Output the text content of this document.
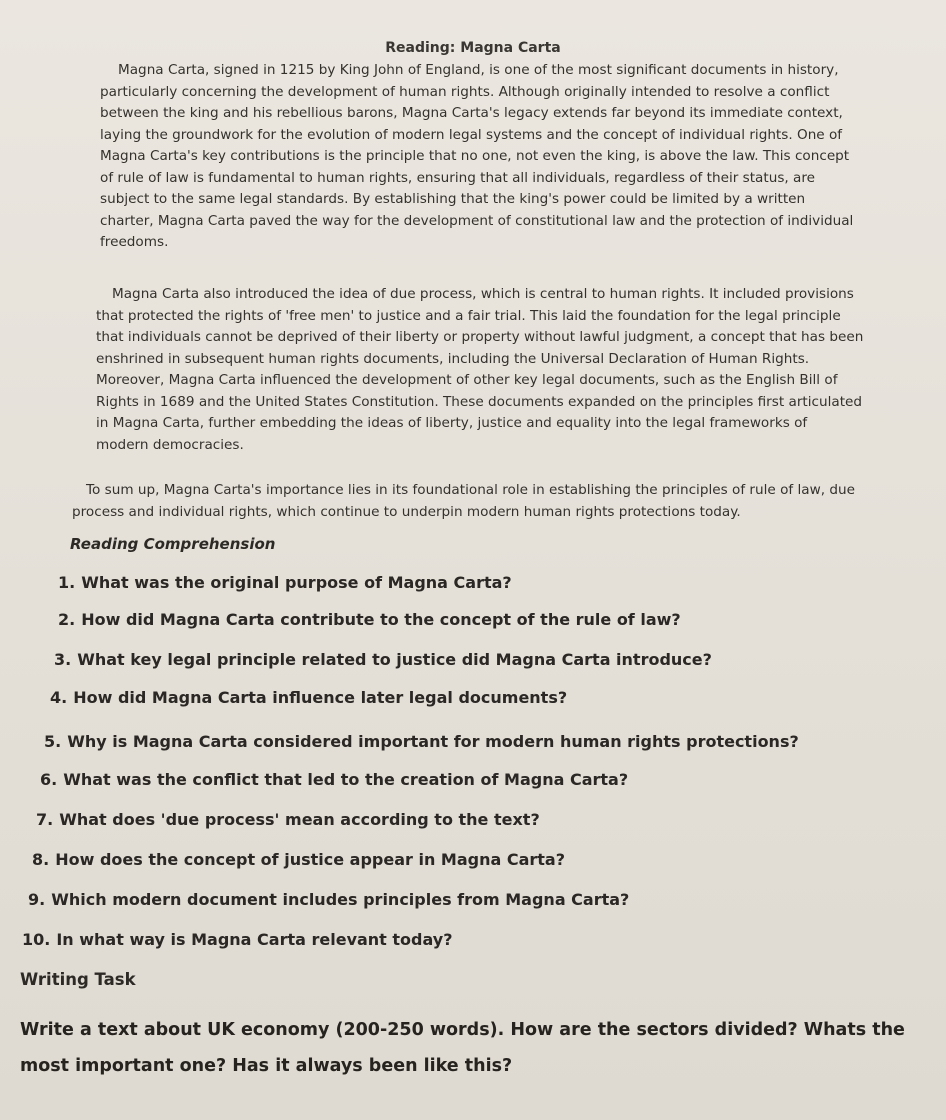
Reading: Magna Carta

Magna Carta, signed in 1215 by King John of England, is one of the most significant documents in history, particularly concerning the development of human rights. Although originally intended to resolve a conflict between the king and his rebellious barons, Magna Carta's legacy extends far beyond its immediate context, laying the groundwork for the evolution of modern legal systems and the concept of individual rights. One of Magna Carta's key contributions is the principle that no one, not even the king, is above the law. This concept of rule of law is fundamental to human rights, ensuring that all individuals, regardless of their status, are subject to the same legal standards. By establishing that the king's power could be limited by a written charter, Magna Carta paved the way for the development of constitutional law and the protection of individual freedoms.

Magna Carta also introduced the idea of due process, which is central to human rights. It included provisions that protected the rights of 'free men' to justice and a fair trial. This laid the foundation for the legal principle that individuals cannot be deprived of their liberty or property without lawful judgment, a concept that has been enshrined in subsequent human rights documents, including the Universal Declaration of Human Rights. Moreover, Magna Carta influenced the development of other key legal documents, such as the English Bill of Rights in 1689 and the United States Constitution. These documents expanded on the principles first articulated in Magna Carta, further embedding the ideas of liberty, justice and equality into the legal frameworks of modern democracies.

To sum up, Magna Carta's importance lies in its foundational role in establishing the principles of rule of law, due process and individual rights, which continue to underpin modern human rights protections today.

Reading Comprehension
1. What was the original purpose of Magna Carta?
2. How did Magna Carta contribute to the concept of the rule of law?
3. What key legal principle related to justice did Magna Carta introduce?
4. How did Magna Carta influence later legal documents?
5. Why is Magna Carta considered important for modern human rights protections?
6. What was the conflict that led to the creation of Magna Carta?
7. What does 'due process' mean according to the text?
8. How does the concept of justice appear in Magna Carta?
9. Which modern document includes principles from Magna Carta?
10. In what way is Magna Carta relevant today?
Writing Task

Write a text about UK economy (200-250 words). How are the sectors divided? Whats the most important one? Has it always been like this?
